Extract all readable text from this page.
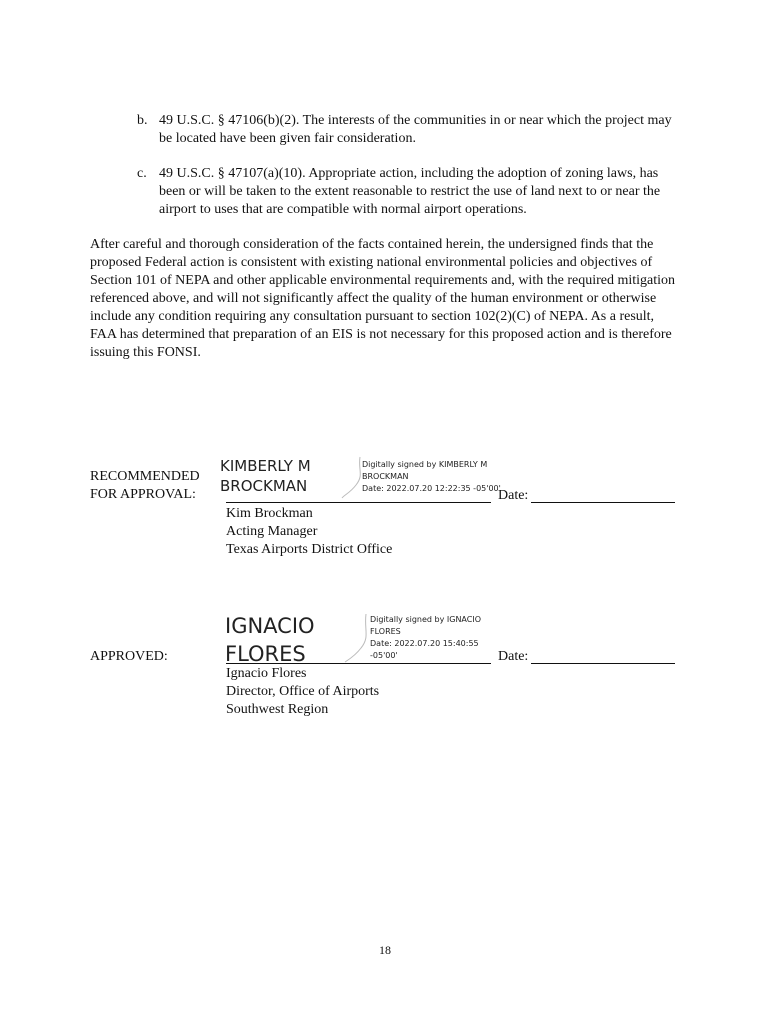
b. 49 U.S.C. § 47106(b)(2). The interests of the communities in or near which the project may be located have been given fair consideration.
c. 49 U.S.C. § 47107(a)(10). Appropriate action, including the adoption of zoning laws, has been or will be taken to the extent reasonable to restrict the use of land next to or near the airport to uses that are compatible with normal airport operations.
After careful and thorough consideration of the facts contained herein, the undersigned finds that the proposed Federal action is consistent with existing national environmental policies and objectives of Section 101 of NEPA and other applicable environmental requirements and, with the required mitigation referenced above, and will not significantly affect the quality of the human environment or otherwise include any condition requiring any consultation pursuant to section 102(2)(C) of NEPA. As a result, FAA has determined that preparation of an EIS is not necessary for this proposed action and is therefore issuing this FONSI.
RECOMMENDED
FOR APPROVAL:
KIMBERLY M
BROCKMAN
Digitally signed by KIMBERLY M
BROCKMAN
Date: 2022.07.20 12:22:35 -05'00'
Date:
Kim Brockman
Acting Manager
Texas Airports District Office
APPROVED:
IGNACIO
FLORES
Digitally signed by IGNACIO
FLORES
Date: 2022.07.20 15:40:55
-05'00'	Date:
Ignacio Flores
Director, Office of Airports
Southwest Region
18
